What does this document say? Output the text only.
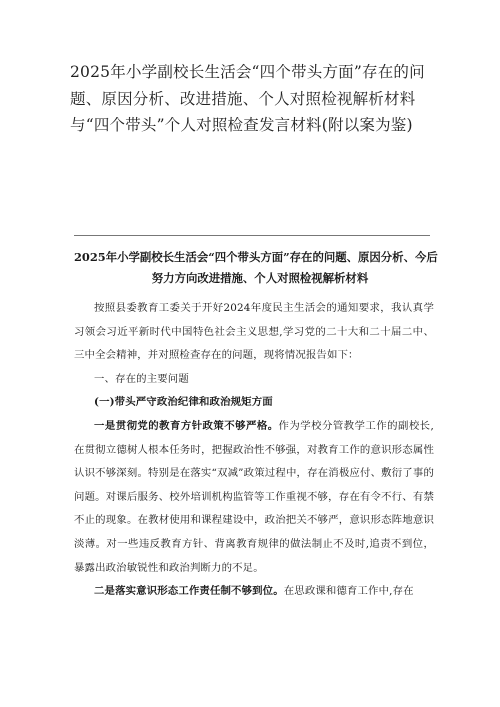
2025年小学副校长生活会“四个带头方面”存在的问题、原因分析、改进措施、个人对照检视解析材料与“四个带头”个人对照检查发言材料(附以案为鉴)
2025年小学副校长生活会“四个带头方面”存在的问题、原因分析、今后
努力方向改进措施、个人对照检视解析材料

按照县委教育工委关于开好2024年度民主生活会的通知要求，我认真学习领会习近平新时代中国特色社会主义思想,学习党的二十大和二十届二中、三中全会精神，并对照检查存在的问题，现将情况报告如下：

一、存在的主要问题

(一)带头严守政治纪律和政治规矩方面

一是贯彻党的教育方针政策不够严格。作为学校分管教学工作的副校长,在贯彻立德树人根本任务时，把握政治性不够强，对教育工作的意识形态属性认识不够深刻。特别是在落实“双减”政策过程中，存在消极应付、敷衍了事的问题。对课后服务、校外培训机构监管等工作重视不够，存在有令不行、有禁不止的现象。在教材使用和课程建设中，政治把关不够严，意识形态阵地意识淡薄。对一些违反教育方针、背离教育规律的做法制止不及时,追责不到位，暴露出政治敏锐性和政治判断力的不足。

二是落实意识形态工作责任制不够到位。在思政课和德育工作中,存在
